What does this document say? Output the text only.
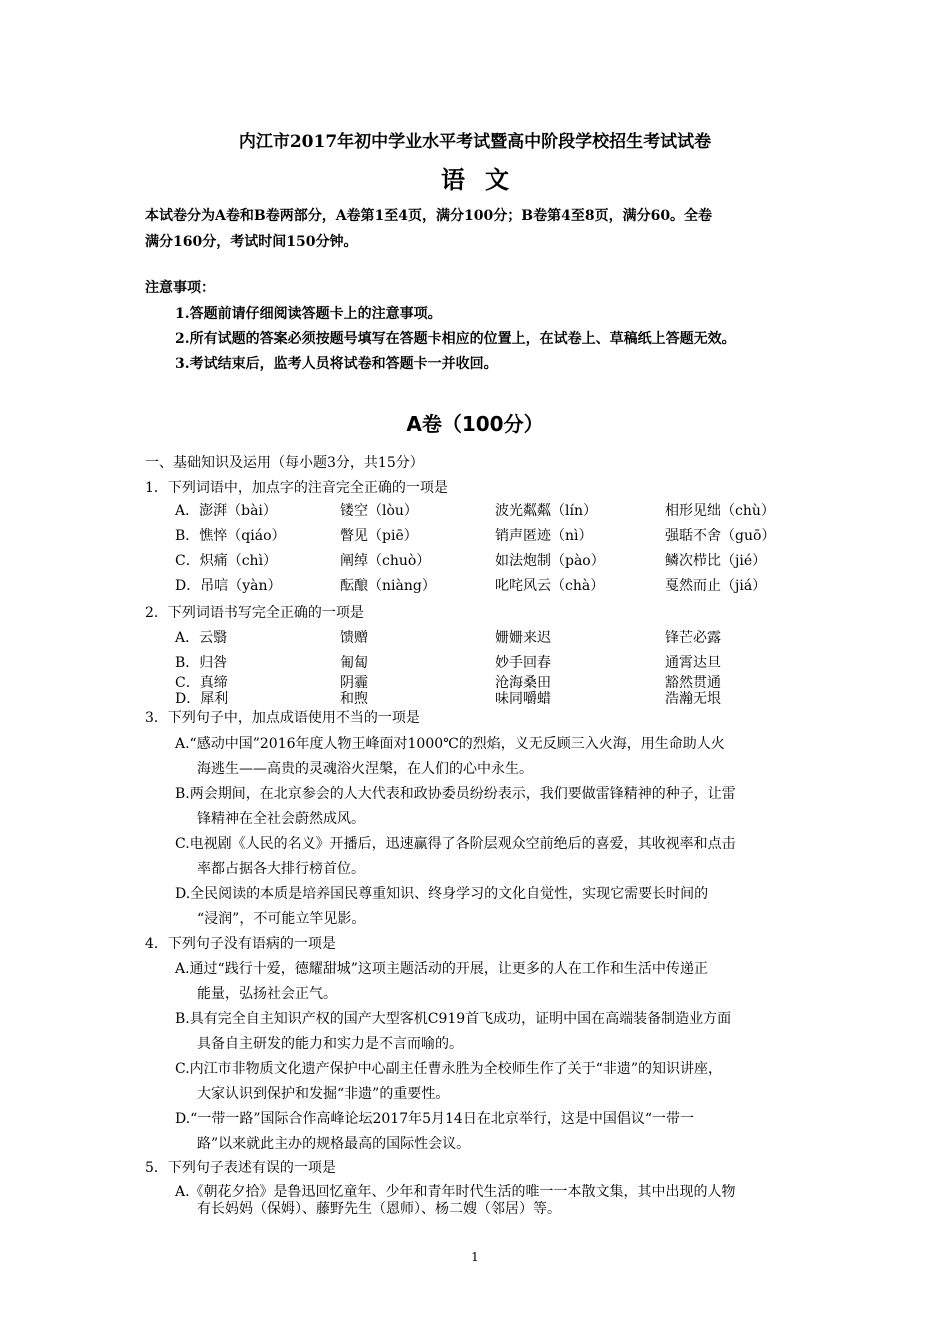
内江市2017年初中学业水平考试暨高中阶段学校招生考试试卷
语文
本试卷分为A卷和B卷两部分，A卷第1至4页，满分100分；B卷第4至8页，满分60。全卷
满分160分，考试时间150分钟。
注意事项：
1.答题前请仔细阅读答题卡上的注意事项。
2.所有试题的答案必须按题号填写在答题卡相应的位置上，在试卷上、草稿纸上答题无效。
3.考试结束后，监考人员将试卷和答题卡一并收回。
A卷（100分）
一、基础知识及运用（每小题3分，共15分）
1．下列词语中，加点字的注音完全正确的一项是
A．澎湃（bài）	镂空（lòu）	波光粼粼（lín）	相形见绌（chù）
B．憔悴（qiáo）	瞥见（piē）	销声匿迹（nì）	强聒不舍（guō）
C．炽痛（chì）	阐绰（chuò）	如法炮制（pào）	鳞次栉比（jié）
D．吊唁（yàn）	酝酿（niàng）	叱咤风云（chà）	戛然而止（jiá）
2．下列词语书写完全正确的一项是
A．云翳	馈赠	姗姗来迟	锋芒必露
B．归咎	匍匐	妙手回春	通霄达旦
C．真缔	阴霾	沧海桑田	豁然贯通
D．犀利	和煦	味同嚼蜡	浩瀚无垠
3．下列句子中，加点成语使用不当的一项是
A.“感动中国”2016年度人物王峰面对1000℃的烈焰，义无反顾三入火海，用生命助人火
海逃生——高贵的灵魂浴火涅槃，在人们的心中永生。
B.两会期间，在北京参会的人大代表和政协委员纷纷表示，我们要做雷锋精神的种子，让雷
锋精神在全社会蔚然成风。
C.电视剧《人民的名义》开播后，迅速赢得了各阶层观众空前绝后的喜爱，其收视率和点击
率都占据各大排行榜首位。
D.全民阅读的本质是培养国民尊重知识、终身学习的文化自觉性，实现它需要长时间的
“浸润”，不可能立竿见影。
4．下列句子没有语病的一项是
A.通过“践行十爱，德耀甜城”这项主题活动的开展，让更多的人在工作和生活中传递正
能量，弘扬社会正气。
B.具有完全自主知识产权的国产大型客机C919首飞成功，证明中国在高端装备制造业方面
具备自主研发的能力和实力是不言而喻的。
C.内江市非物质文化遗产保护中心副主任曹永胜为全校师生作了关于“非遗”的知识讲座，
大家认识到保护和发掘“非遗”的重要性。
D.“一带一路”国际合作高峰论坛2017年5月14日在北京举行，这是中国倡议“一带一
路”以来就此主办的规格最高的国际性会议。
5．下列句子表述有误的一项是
A.《朝花夕拾》是鲁迅回忆童年、少年和青年时代生活的唯一一本散文集，其中出现的人物
有长妈妈（保姆）、藤野先生（恩师）、杨二嫂（邻居）等。
1
